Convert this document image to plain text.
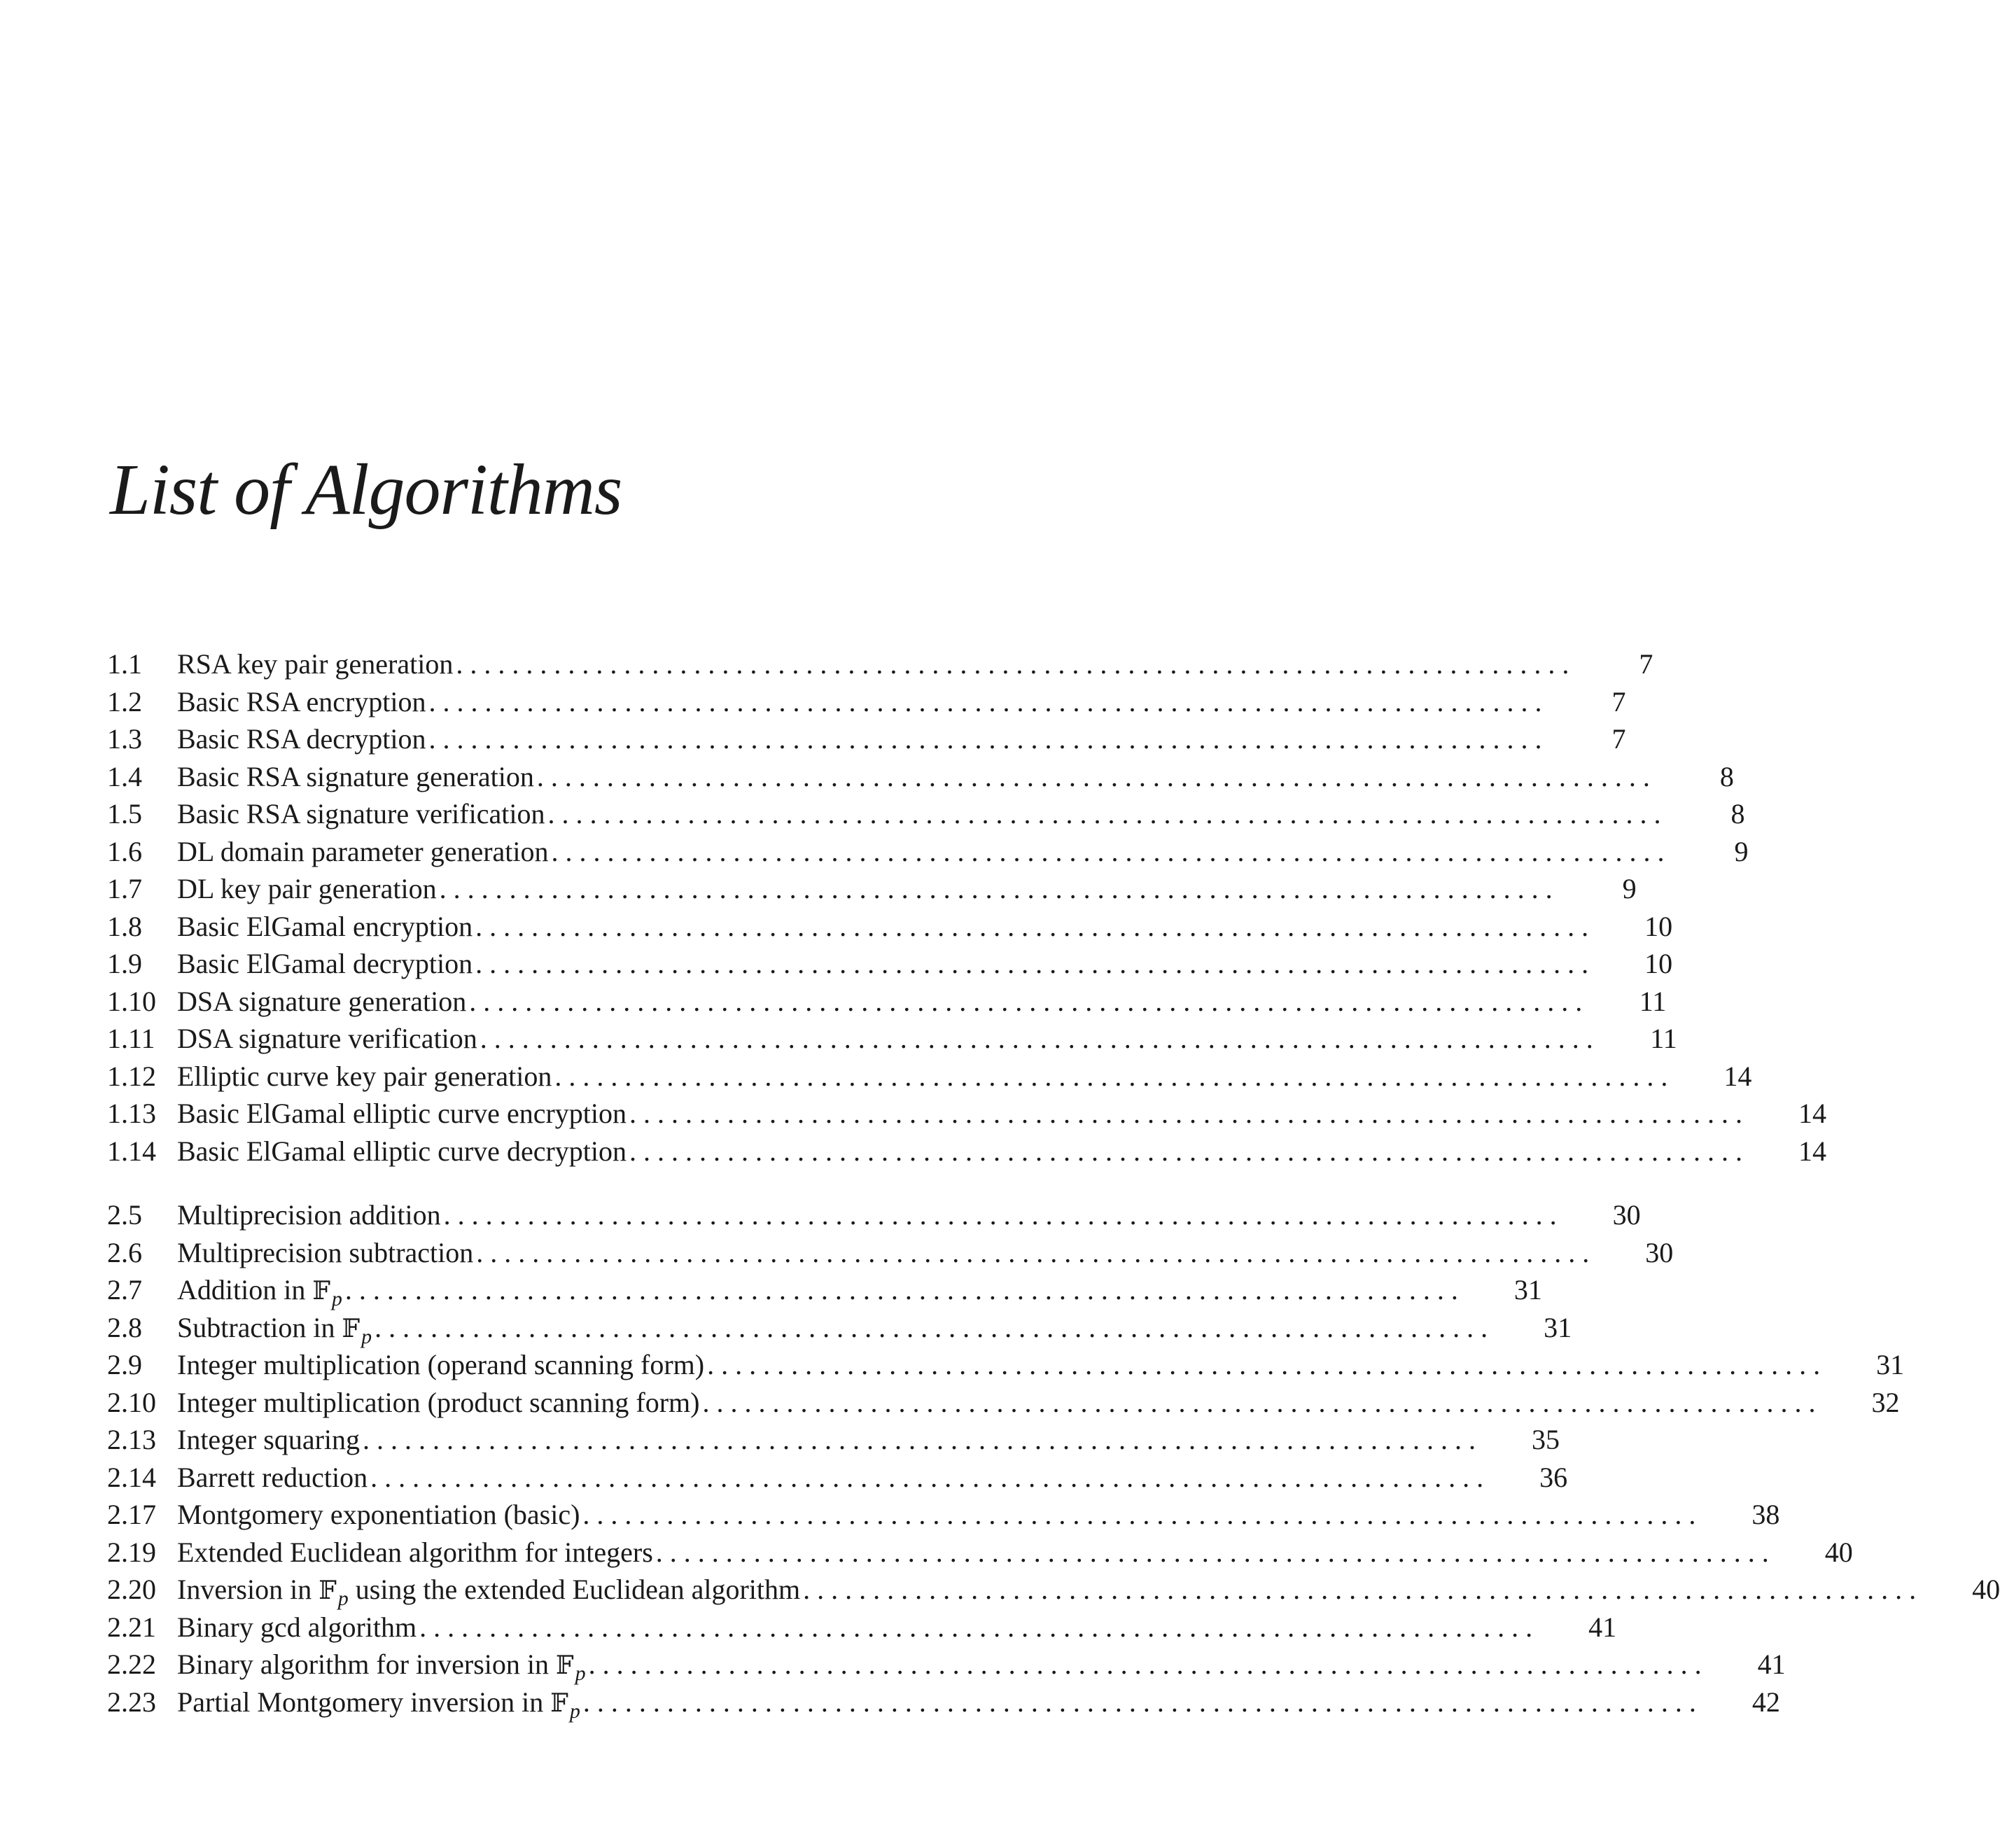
List of Algorithms
1.1	RSA key pair generation . . . . . . . . . . . . . . . . . . . . . . . . . . . . . . . . . . . . . . . . . . . . . . . . . . . . . . . . . . . . . . . . . . . . . . . . . . . . . . . .	7
1.2	Basic RSA encryption . . . . . . . . . . . . . . . . . . . . . . . . . . . . . . . . . . . . . . . . . . . . . . . . . . . . . . . . . . . . . . . . . . . . . . . . . . . . . . . .	7
1.3	Basic RSA decryption . . . . . . . . . . . . . . . . . . . . . . . . . . . . . . . . . . . . . . . . . . . . . . . . . . . . . . . . . . . . . . . . . . . . . . . . . . . . . . . .	7
1.4	Basic RSA signature generation . . . . . . . . . . . . . . . . . . . . . . . . . . . . . . . . . . . . . . . . . . . . . . . . . . . . . . . . . . . . . . . . . . . . . . . . . . . . . . . .	8
1.5	Basic RSA signature verification . . . . . . . . . . . . . . . . . . . . . . . . . . . . . . . . . . . . . . . . . . . . . . . . . . . . . . . . . . . . . . . . . . . . . . . . . . . . . . . .	8
1.6	DL domain parameter generation . . . . . . . . . . . . . . . . . . . . . . . . . . . . . . . . . . . . . . . . . . . . . . . . . . . . . . . . . . . . . . . . . . . . . . . . . . . . . . . .	9
1.7	DL key pair generation . . . . . . . . . . . . . . . . . . . . . . . . . . . . . . . . . . . . . . . . . . . . . . . . . . . . . . . . . . . . . . . . . . . . . . . . . . . . . . . .	9
1.8	Basic ElGamal encryption . . . . . . . . . . . . . . . . . . . . . . . . . . . . . . . . . . . . . . . . . . . . . . . . . . . . . . . . . . . . . . . . . . . . . . . . . . . . . . . .	10
1.9	Basic ElGamal decryption . . . . . . . . . . . . . . . . . . . . . . . . . . . . . . . . . . . . . . . . . . . . . . . . . . . . . . . . . . . . . . . . . . . . . . . . . . . . . . . .	10
1.10 DSA signature generation . . . . . . . . . . . . . . . . . . . . . . . . . . . . . . . . . . . . . . . . . . . . . . . . . . . . . . . . . . . . . . . . . . . . . . . . . . . . . . . .	11
1.11 DSA signature verification . . . . . . . . . . . . . . . . . . . . . . . . . . . . . . . . . . . . . . . . . . . . . . . . . . . . . . . . . . . . . . . . . . . . . . . . . . . . . . . .	11
1.12 Elliptic curve key pair generation . . . . . . . . . . . . . . . . . . . . . . . . . . . . . . . . . . . . . . . . . . . . . . . . . . . . . . . . . . . . . . . . . . . . . . . . . . . . . . . .	14
1.13 Basic ElGamal elliptic curve encryption . . . . . . . . . . . . . . . . . . . . . . . . . . . . . . . . . . . . . . . . . . . . . . . . . . . . . . . . . . . . . . . . . . . . . . . . . . . . . . . .	14
1.14 Basic ElGamal elliptic curve decryption . . . . . . . . . . . . . . . . . . . . . . . . . . . . . . . . . . . . . . . . . . . . . . . . . . . . . . . . . . . . . . . . . . . . . . . . . . . . . . . .	14
2.5	Multiprecision addition . . . . . . . . . . . . . . . . . . . . . . . . . . . . . . . . . . . . . . . . . . . . . . . . . . . . . . . . . . . . . . . . . . . . . . . . . . . . . . . .	30
2.6	Multiprecision subtraction . . . . . . . . . . . . . . . . . . . . . . . . . . . . . . . . . . . . . . . . . . . . . . . . . . . . . . . . . . . . . . . . . . . . . . . . . . . . . . . .	30
2.7	Addition in 𝔽$_p$ . . . . . . . . . . . . . . . . . . . . . . . . . . . . . . . . . . . . . . . . . . . . . . . . . . . . . . . . . . . . . . . . . . . . . . . . . . . . . . . .	31
2.8	Subtraction in 𝔽$_p$ . . . . . . . . . . . . . . . . . . . . . . . . . . . . . . . . . . . . . . . . . . . . . . . . . . . . . . . . . . . . . . . . . . . . . . . . . . . . . . . .	31
2.9	Integer multiplication (operand scanning form) . . . . . . . . . . . . . . . . . . . . . . . . . . . . . . . . . . . . . . . . . . . . . . . . . . . . . . . . . . . . . . . . . . . . . . . . . . . . . . . .	31
2.10 Integer multiplication (product scanning form) . . . . . . . . . . . . . . . . . . . . . . . . . . . . . . . . . . . . . . . . . . . . . . . . . . . . . . . . . . . . . . . . . . . . . . . . . . . . . . . .	32
2.13 Integer squaring . . . . . . . . . . . . . . . . . . . . . . . . . . . . . . . . . . . . . . . . . . . . . . . . . . . . . . . . . . . . . . . . . . . . . . . . . . . . . . . .	35
2.14 Barrett reduction . . . . . . . . . . . . . . . . . . . . . . . . . . . . . . . . . . . . . . . . . . . . . . . . . . . . . . . . . . . . . . . . . . . . . . . . . . . . . . . .	36
2.17 Montgomery exponentiation (basic) . . . . . . . . . . . . . . . . . . . . . . . . . . . . . . . . . . . . . . . . . . . . . . . . . . . . . . . . . . . . . . . . . . . . . . . . . . . . . . . .	38
2.19 Extended Euclidean algorithm for integers . . . . . . . . . . . . . . . . . . . . . . . . . . . . . . . . . . . . . . . . . . . . . . . . . . . . . . . . . . . . . . . . . . . . . . . . . . . . . . . .	40
2.20 Inversion in 𝔽$_p$ using the extended Euclidean algorithm . . . . . . . . . . . . . . . . . . . . . . . . . . . . . . . . . . . . . . . . . . . . . . . . . . . . . . . . . . . . . . . . . . . . . . . . . . . . . . . .	40
2.21 Binary gcd algorithm . . . . . . . . . . . . . . . . . . . . . . . . . . . . . . . . . . . . . . . . . . . . . . . . . . . . . . . . . . . . . . . . . . . . . . . . . . . . . . . .	41
2.22 Binary algorithm for inversion in 𝔽$_p$ . . . . . . . . . . . . . . . . . . . . . . . . . . . . . . . . . . . . . . . . . . . . . . . . . . . . . . . . . . . . . . . . . . . . . . . . . . . . . . . .	41
2.23 Partial Montgomery inversion in 𝔽$_p$ . . . . . . . . . . . . . . . . . . . . . . . . . . . . . . . . . . . . . . . . . . . . . . . . . . . . . . . . . . . . . . . . . . . . . . . . . . . . . . . .	42
